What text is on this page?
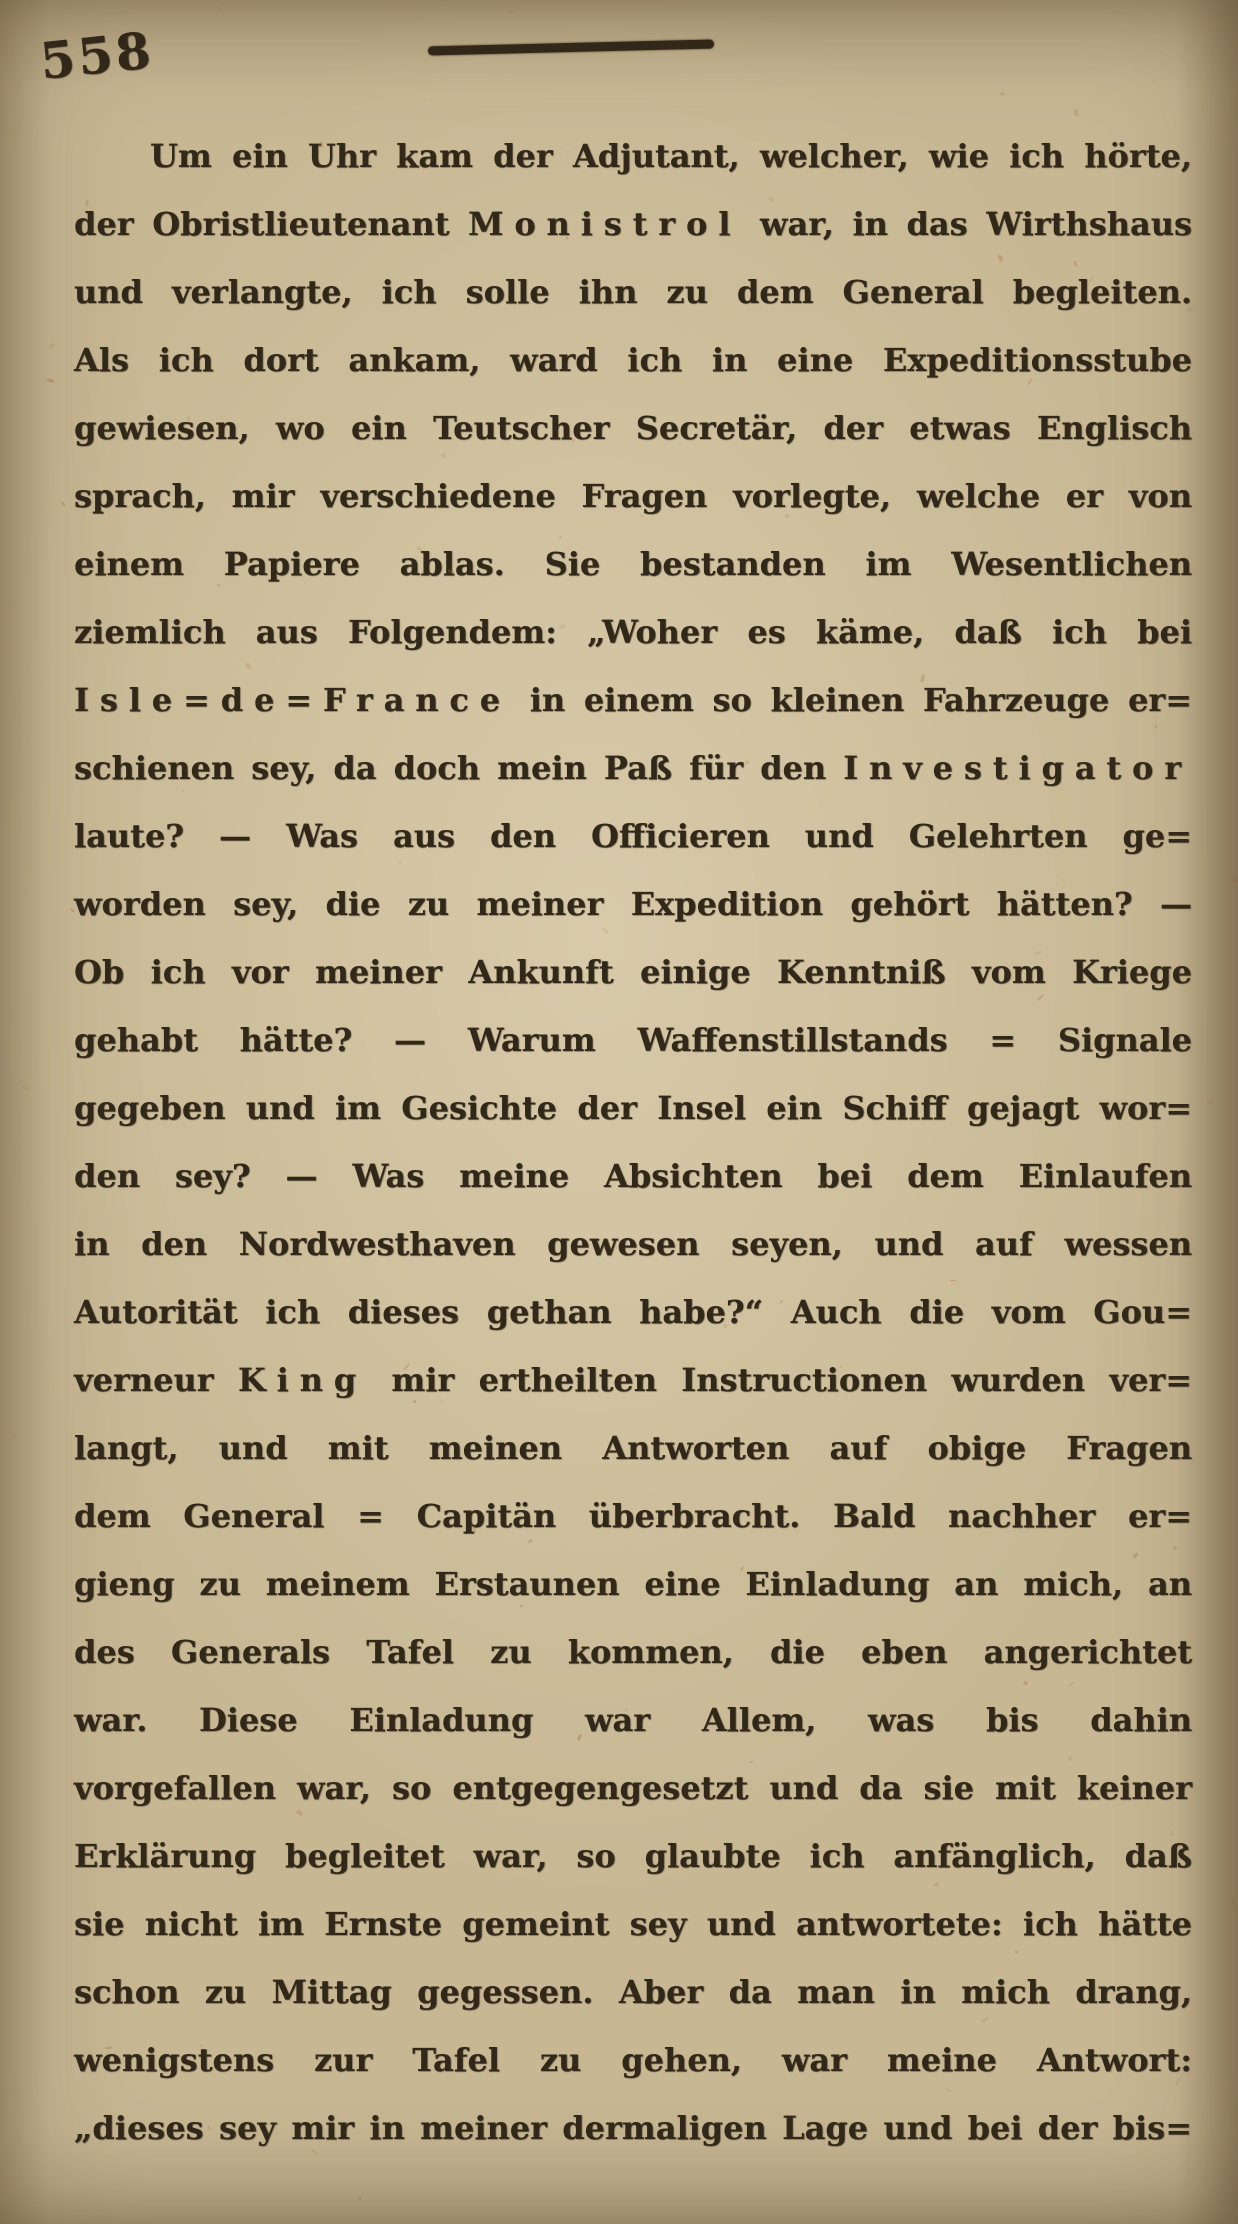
558
Um ein Uhr kam der Adjutant, welcher, wie ich hörte,
der Obristlieutenant Monistrol war, in das Wirthshaus
und verlangte, ich solle ihn zu dem General begleiten.
Als ich dort ankam, ward ich in eine Expeditionsstube
gewiesen, wo ein Teutscher Secretär, der etwas Englisch
sprach, mir verschiedene Fragen vorlegte, welche er von
einem Papiere ablas. Sie bestanden im Wesentlichen
ziemlich aus Folgendem: „Woher es käme, daß ich bei
Isle=de=France in einem so kleinen Fahrzeuge er=
schienen sey, da doch mein Paß für den Investigator
laute? — Was aus den Officieren und Gelehrten ge=
worden sey, die zu meiner Expedition gehört hätten? —
Ob ich vor meiner Ankunft einige Kenntniß vom Kriege
gehabt hätte? — Warum Waffenstillstands = Signale
gegeben und im Gesichte der Insel ein Schiff gejagt wor=
den sey? — Was meine Absichten bei dem Einlaufen
in den Nordwesthaven gewesen seyen, und auf wessen
Autorität ich dieses gethan habe?“ Auch die vom Gou=
verneur King mir ertheilten Instructionen wurden ver=
langt, und mit meinen Antworten auf obige Fragen
dem General = Capitän überbracht. Bald nachher er=
gieng zu meinem Erstaunen eine Einladung an mich, an
des Generals Tafel zu kommen, die eben angerichtet
war. Diese Einladung war Allem, was bis dahin
vorgefallen war, so entgegengesetzt und da sie mit keiner
Erklärung begleitet war, so glaubte ich anfänglich, daß
sie nicht im Ernste gemeint sey und antwortete: ich hätte
schon zu Mittag gegessen. Aber da man in mich drang,
wenigstens zur Tafel zu gehen, war meine Antwort:
„dieses sey mir in meiner dermaligen Lage und bei der bis=
